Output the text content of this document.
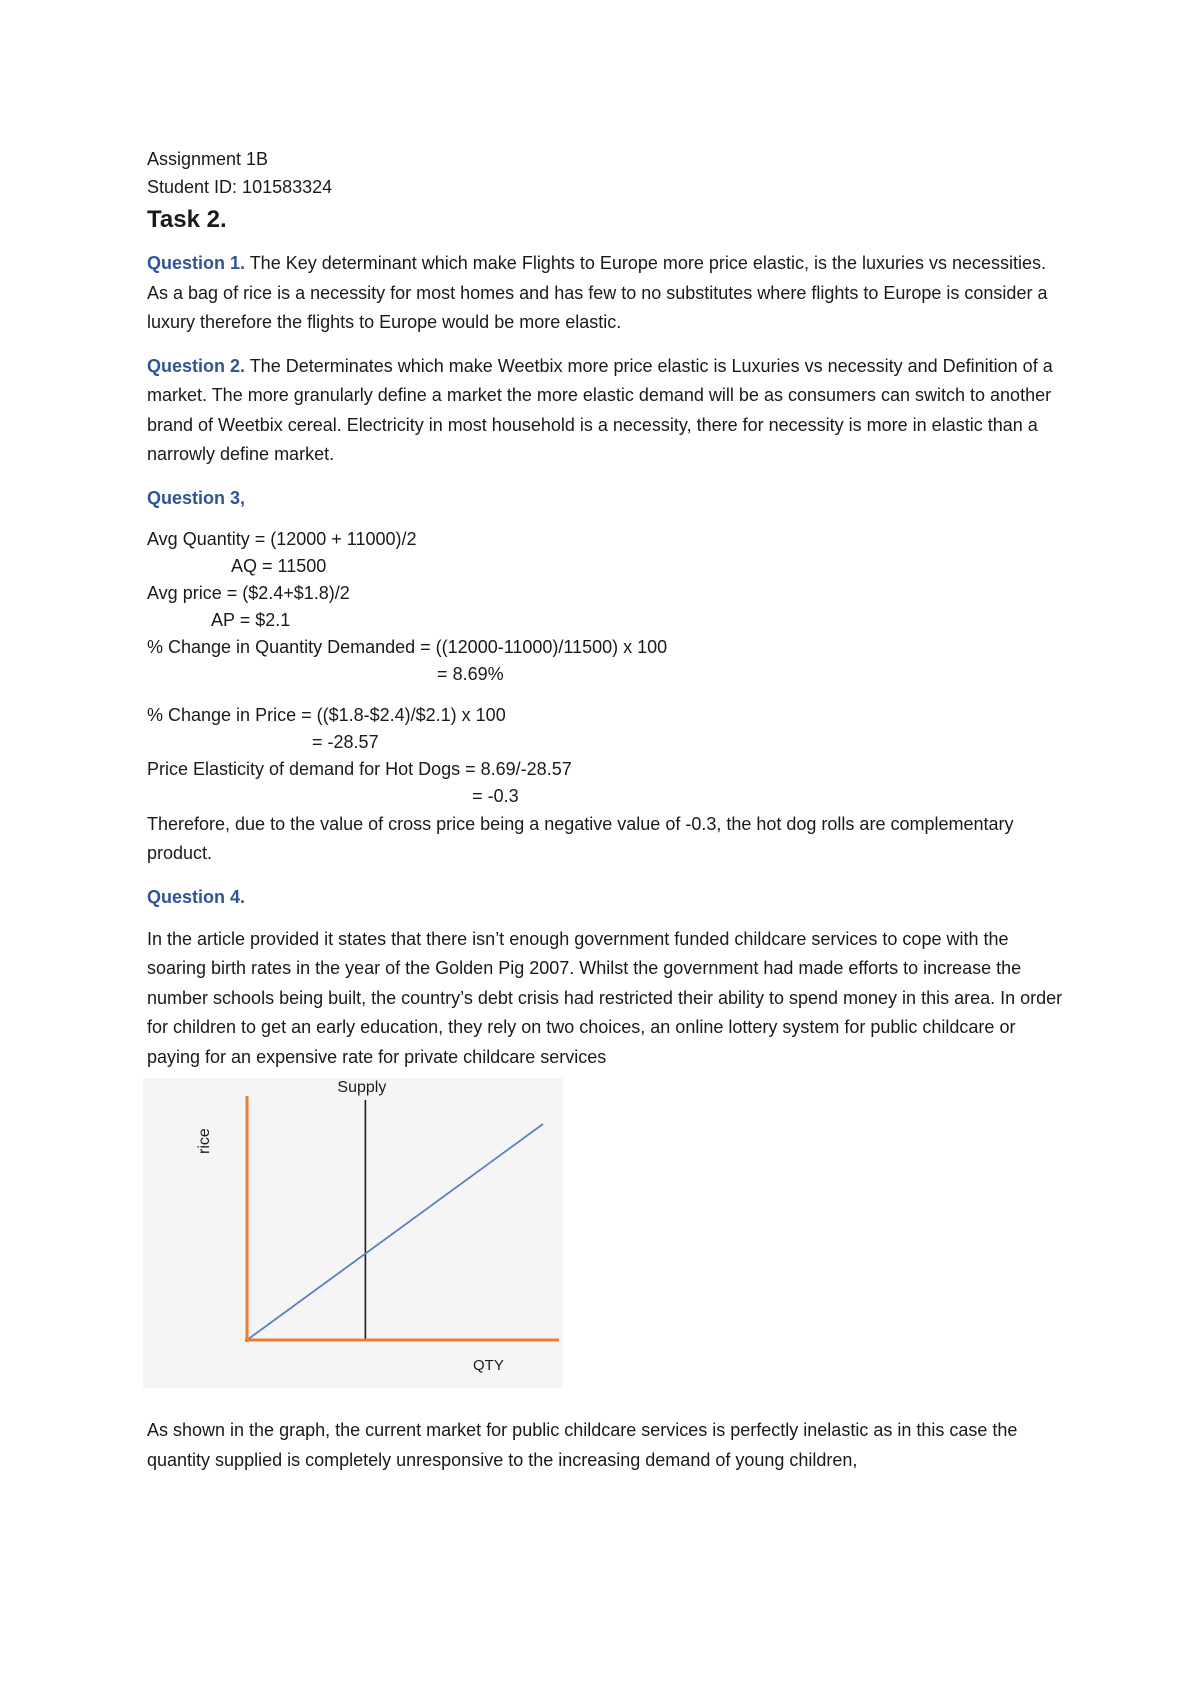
Assignment 1B

Student ID: 101583324

Task 2.

Question 1. The Key determinant which make Flights to Europe more price elastic, is the luxuries vs necessities. As a bag of rice is a necessity for most homes and has few to no substitutes where flights to Europe is consider a luxury therefore the flights to Europe would be more elastic.

Question 2. The Determinates which make Weetbix more price elastic is Luxuries vs necessity and Definition of a market. The more granularly define a market the more elastic demand will be as consumers can switch to another brand of Weetbix cereal. Electricity in most household is a necessity, there for necessity is more in elastic than a narrowly define market.

Question 3,

Avg Quantity = (12000 + 11000)/2

AQ = 11500

Avg price = ($2.4+$1.8)/2

AP = $2.1

% Change in Quantity Demanded = ((12000-11000)/11500) x 100

= 8.69%

% Change in Price = (($1.8-$2.4)/$2.1) x 100

= -28.57

Price Elasticity of demand for Hot Dogs = 8.69/-28.57

= -0.3

Therefore, due to the value of cross price being a negative value of -0.3, the hot dog rolls are complementary product.

Question 4.

In the article provided it states that there isn’t enough government funded childcare services to cope with the soaring birth rates in the year of the Golden Pig 2007. Whilst the government had made efforts to increase the number schools being built, the country’s debt crisis had restricted their ability to spend money in this area. In order for children to get an early education, they rely on two choices, an online lottery system for public childcare or paying for an expensive rate for private childcare services

Supply
QTY
rice

As shown in the graph, the current market for public childcare services is perfectly inelastic as in this case the quantity supplied is completely unresponsive to the increasing demand of young children,
